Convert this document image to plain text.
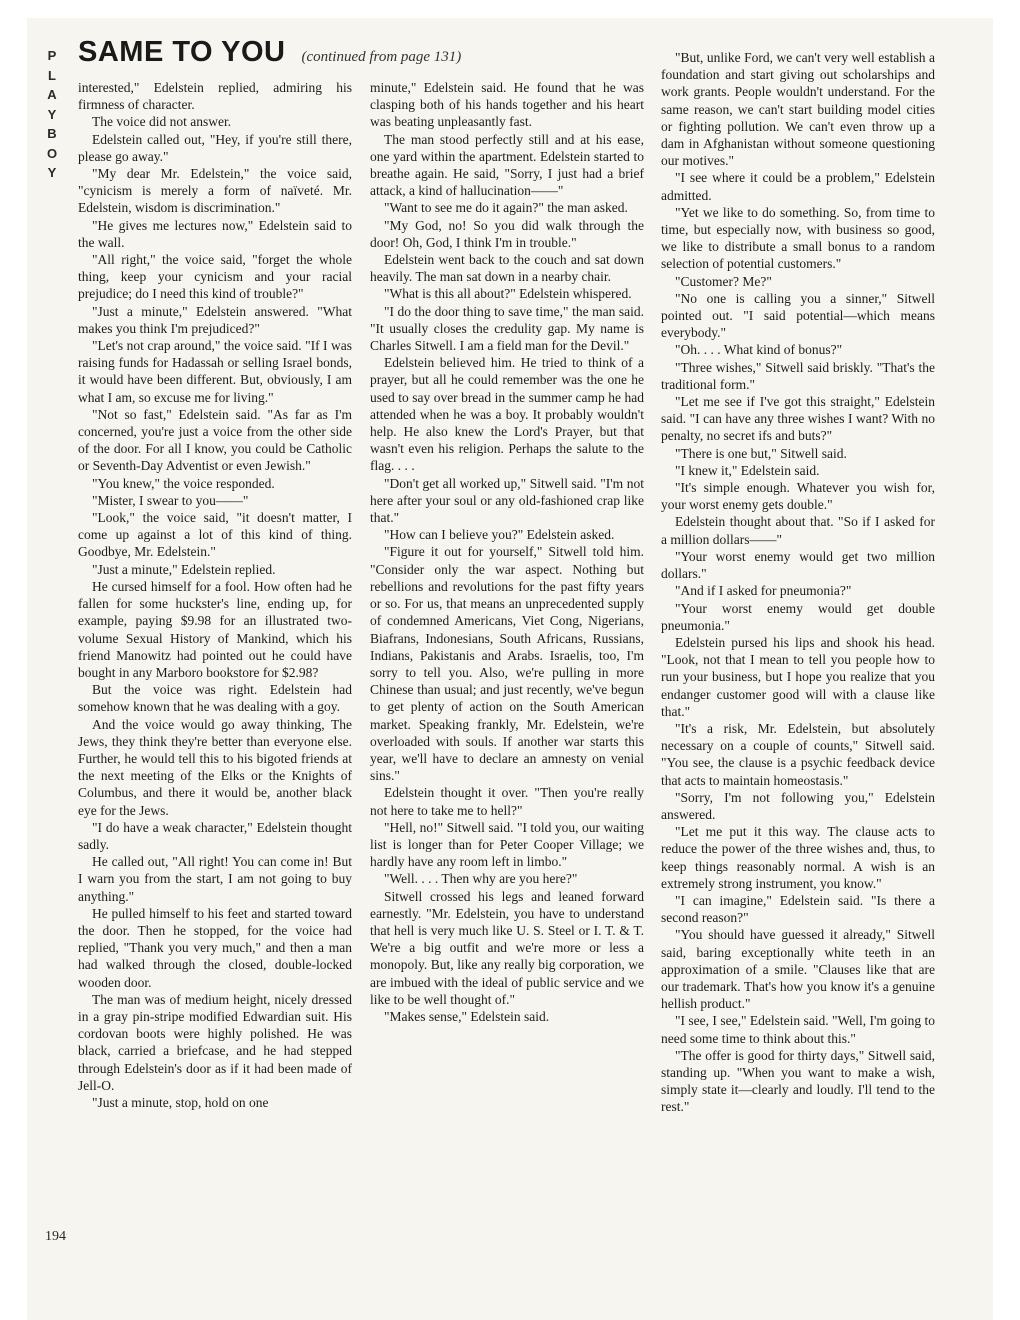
P
L
A
Y
B
O
Y
SAME TO YOU (continued from page 131)

interested," Edelstein replied, admiring his firmness of character.

The voice did not answer.

Edelstein called out, "Hey, if you're still there, please go away."

"My dear Mr. Edelstein," the voice said, "cynicism is merely a form of naïveté. Mr. Edelstein, wisdom is discrimination."

"He gives me lectures now," Edelstein said to the wall.

"All right," the voice said, "forget the whole thing, keep your cynicism and your racial prejudice; do I need this kind of trouble?"

"Just a minute," Edelstein answered. "What makes you think I'm prejudiced?"

"Let's not crap around," the voice said. "If I was raising funds for Hadassah or selling Israel bonds, it would have been different. But, obviously, I am what I am, so excuse me for living."

"Not so fast," Edelstein said. "As far as I'm concerned, you're just a voice from the other side of the door. For all I know, you could be Catholic or Seventh-Day Adventist or even Jewish."

"You knew," the voice responded.

"Mister, I swear to you——"

"Look," the voice said, "it doesn't matter, I come up against a lot of this kind of thing. Goodbye, Mr. Edelstein."

"Just a minute," Edelstein replied.

He cursed himself for a fool. How often had he fallen for some huckster's line, ending up, for example, paying $9.98 for an illustrated two-volume Sexual History of Mankind, which his friend Manowitz had pointed out he could have bought in any Marboro bookstore for $2.98?

But the voice was right. Edelstein had somehow known that he was dealing with a goy.

And the voice would go away thinking, The Jews, they think they're better than everyone else. Further, he would tell this to his bigoted friends at the next meeting of the Elks or the Knights of Columbus, and there it would be, another black eye for the Jews.

"I do have a weak character," Edelstein thought sadly.

He called out, "All right! You can come in! But I warn you from the start, I am not going to buy anything."

He pulled himself to his feet and started toward the door. Then he stopped, for the voice had replied, "Thank you very much," and then a man had walked through the closed, double-locked wooden door.

The man was of medium height, nicely dressed in a gray pin-stripe modified Edwardian suit. His cordovan boots were highly polished. He was black, carried a briefcase, and he had stepped through Edelstein's door as if it had been made of Jell-O.

"Just a minute, stop, hold on one

minute," Edelstein said. He found that he was clasping both of his hands together and his heart was beating unpleasantly fast.

The man stood perfectly still and at his ease, one yard within the apartment. Edelstein started to breathe again. He said, "Sorry, I just had a brief attack, a kind of hallucination——"

"Want to see me do it again?" the man asked.

"My God, no! So you did walk through the door! Oh, God, I think I'm in trouble."

Edelstein went back to the couch and sat down heavily. The man sat down in a nearby chair.

"What is this all about?" Edelstein whispered.

"I do the door thing to save time," the man said. "It usually closes the credulity gap. My name is Charles Sitwell. I am a field man for the Devil."

Edelstein believed him. He tried to think of a prayer, but all he could remember was the one he used to say over bread in the summer camp he had attended when he was a boy. It probably wouldn't help. He also knew the Lord's Prayer, but that wasn't even his religion. Perhaps the salute to the flag. . . .

"Don't get all worked up," Sitwell said. "I'm not here after your soul or any old-fashioned crap like that."

"How can I believe you?" Edelstein asked.

"Figure it out for yourself," Sitwell told him. "Consider only the war aspect. Nothing but rebellions and revolutions for the past fifty years or so. For us, that means an unprecedented supply of condemned Americans, Viet Cong, Nigerians, Biafrans, Indonesians, South Africans, Russians, Indians, Pakistanis and Arabs. Israelis, too, I'm sorry to tell you. Also, we're pulling in more Chinese than usual; and just recently, we've begun to get plenty of action on the South American market. Speaking frankly, Mr. Edelstein, we're overloaded with souls. If another war starts this year, we'll have to declare an amnesty on venial sins."

Edelstein thought it over. "Then you're really not here to take me to hell?"

"Hell, no!" Sitwell said. "I told you, our waiting list is longer than for Peter Cooper Village; we hardly have any room left in limbo."

"Well. . . . Then why are you here?"

Sitwell crossed his legs and leaned forward earnestly. "Mr. Edelstein, you have to understand that hell is very much like U. S. Steel or I. T. & T. We're a big outfit and we're more or less a monopoly. But, like any really big corporation, we are imbued with the ideal of public service and we like to be well thought of."

"Makes sense," Edelstein said.

"But, unlike Ford, we can't very well establish a foundation and start giving out scholarships and work grants. People wouldn't understand. For the same reason, we can't start building model cities or fighting pollution. We can't even throw up a dam in Afghanistan without someone questioning our motives."

"I see where it could be a problem," Edelstein admitted.

"Yet we like to do something. So, from time to time, but especially now, with business so good, we like to distribute a small bonus to a random selection of potential customers."

"Customer? Me?"

"No one is calling you a sinner," Sitwell pointed out. "I said potential—which means everybody."

"Oh. . . . What kind of bonus?"

"Three wishes," Sitwell said briskly. "That's the traditional form."

"Let me see if I've got this straight," Edelstein said. "I can have any three wishes I want? With no penalty, no secret ifs and buts?"

"There is one but," Sitwell said.

"I knew it," Edelstein said.

"It's simple enough. Whatever you wish for, your worst enemy gets double."

Edelstein thought about that. "So if I asked for a million dollars——"

"Your worst enemy would get two million dollars."

"And if I asked for pneumonia?"

"Your worst enemy would get double pneumonia."

Edelstein pursed his lips and shook his head. "Look, not that I mean to tell you people how to run your business, but I hope you realize that you endanger customer good will with a clause like that."

"It's a risk, Mr. Edelstein, but absolutely necessary on a couple of counts," Sitwell said. "You see, the clause is a psychic feedback device that acts to maintain homeostasis."

"Sorry, I'm not following you," Edelstein answered.

"Let me put it this way. The clause acts to reduce the power of the three wishes and, thus, to keep things reasonably normal. A wish is an extremely strong instrument, you know."

"I can imagine," Edelstein said. "Is there a second reason?"

"You should have guessed it already," Sitwell said, baring exceptionally white teeth in an approximation of a smile. "Clauses like that are our trademark. That's how you know it's a genuine hellish product."

"I see, I see," Edelstein said. "Well, I'm going to need some time to think about this."

"The offer is good for thirty days," Sitwell said, standing up. "When you want to make a wish, simply state it—clearly and loudly. I'll tend to the rest."

194
